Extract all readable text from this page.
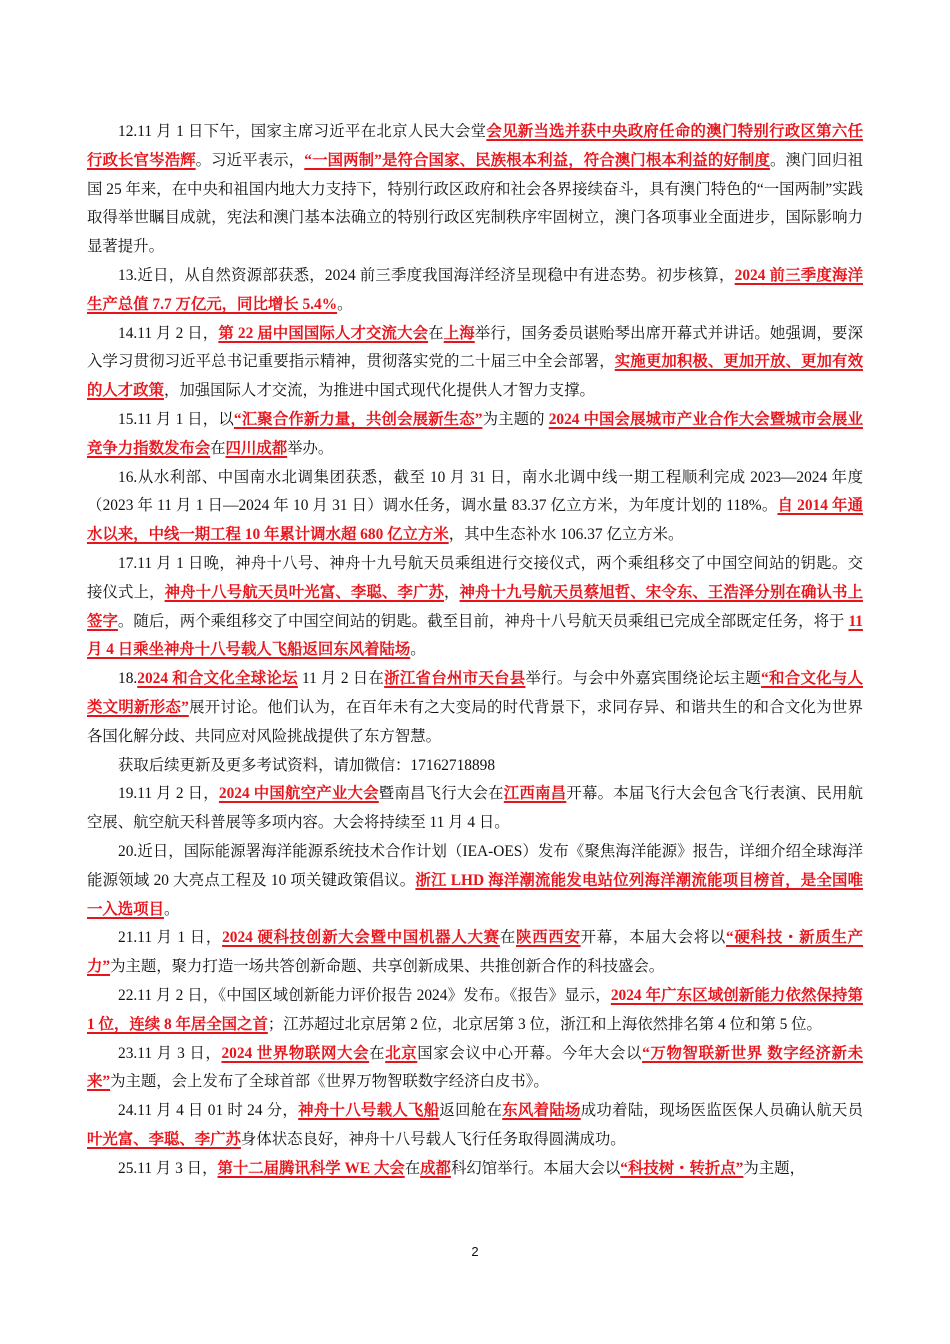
12.11 月 1 日下午，国家主席习近平在北京人民大会堂会见新当选并获中央政府任命的澳门特别行政区第六任行政长官岑浩辉。习近平表示，“一国两制”是符合国家、民族根本利益，符合澳门根本利益的好制度。澳门回归祖国 25 年来，在中央和祖国内地大力支持下，特别行政区政府和社会各界接续奋斗，具有澳门特色的“一国两制”实践取得举世瞩目成就，宪法和澳门基本法确立的特别行政区宪制秩序牢固树立，澳门各项事业全面进步，国际影响力显著提升。

13.近日，从自然资源部获悉，2024 前三季度我国海洋经济呈现稳中有进态势。初步核算，2024 前三季度海洋生产总值 7.7 万亿元，同比增长 5.4%。

14.11 月 2 日，第 22 届中国国际人才交流大会在上海举行，国务委员谌贻琴出席开幕式并讲话。她强调，要深入学习贯彻习近平总书记重要指示精神，贯彻落实党的二十届三中全会部署，实施更加积极、更加开放、更加有效的人才政策，加强国际人才交流，为推进中国式现代化提供人才智力支撑。

15.11 月 1 日，以“汇聚合作新力量，共创会展新生态”为主题的 2024 中国会展城市产业合作大会暨城市会展业竞争力指数发布会在四川成都举办。

16.从水利部、中国南水北调集团获悉，截至 10 月 31 日，南水北调中线一期工程顺利完成 2023—2024 年度（2023 年 11 月 1 日—2024 年 10 月 31 日）调水任务，调水量 83.37 亿立方米，为年度计划的 118%。自 2014 年通水以来，中线一期工程 10 年累计调水超 680 亿立方米，其中生态补水 106.37 亿立方米。

17.11 月 1 日晚，神舟十八号、神舟十九号航天员乘组进行交接仪式，两个乘组移交了中国空间站的钥匙。交接仪式上，神舟十八号航天员叶光富、李聪、李广苏，神舟十九号航天员蔡旭哲、宋令东、王浩泽分别在确认书上签字。随后，两个乘组移交了中国空间站的钥匙。截至目前，神舟十八号航天员乘组已完成全部既定任务，将于 11 月 4 日乘坐神舟十八号载人飞船返回东风着陆场。

18.2024 和合文化全球论坛 11 月 2 日在浙江省台州市天台县举行。与会中外嘉宾围绕论坛主题“和合文化与人类文明新形态”展开讨论。他们认为，在百年未有之大变局的时代背景下，求同存异、和谐共生的和合文化为世界各国化解分歧、共同应对风险挑战提供了东方智慧。

获取后续更新及更多考试资料，请加微信：17162718898

19.11 月 2 日，2024 中国航空产业大会暨南昌飞行大会在江西南昌开幕。本届飞行大会包含飞行表演、民用航空展、航空航天科普展等多项内容。大会将持续至 11 月 4 日。

20.近日，国际能源署海洋能源系统技术合作计划（IEA-OES）发布《聚焦海洋能源》报告，详细介绍全球海洋能源领域 20 大亮点工程及 10 项关键政策倡议。浙江 LHD 海洋潮流能发电站位列海洋潮流能项目榜首，是全国唯一入选项目。

21.11 月 1 日，2024 硬科技创新大会暨中国机器人大赛在陕西西安开幕，本届大会将以“硬科技・新质生产力”为主题，聚力打造一场共答创新命题、共享创新成果、共推创新合作的科技盛会。

22.11 月 2 日，《中国区域创新能力评价报告 2024》发布。《报告》显示，2024 年广东区域创新能力依然保持第 1 位，连续 8 年居全国之首；江苏超过北京居第 2 位，北京居第 3 位，浙江和上海依然排名第 4 位和第 5 位。

23.11 月 3 日，2024 世界物联网大会在北京国家会议中心开幕。今年大会以“万物智联新世界 数字经济新未来”为主题，会上发布了全球首部《世界万物智联数字经济白皮书》。

24.11 月 4 日 01 时 24 分，神舟十八号载人飞船返回舱在东风着陆场成功着陆，现场医监医保人员确认航天员叶光富、李聪、李广苏身体状态良好，神舟十八号载人飞行任务取得圆满成功。

25.11 月 3 日，第十二届腾讯科学 WE 大会在成都科幻馆举行。本届大会以“科技树・转折点”为主题，

2
